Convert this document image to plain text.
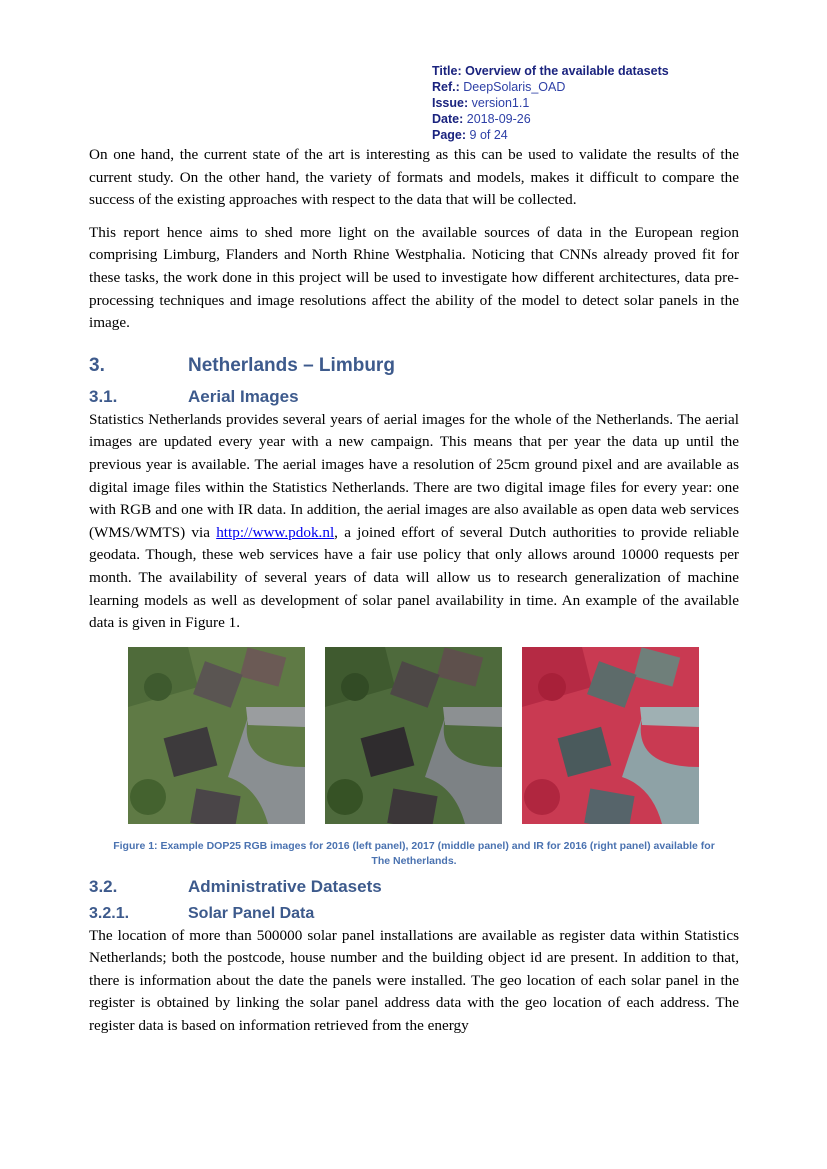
Title: Overview of the available datasets
Ref.: DeepSolaris_OAD
Issue: version1.1
Date: 2018-09-26
Page: 9 of 24

On one hand, the current state of the art is interesting as this can be used to validate the results of the current study. On the other hand, the variety of formats and models, makes it difficult to compare the success of the existing approaches with respect to the data that will be collected.

This report hence aims to shed more light on the available sources of data in the European region comprising Limburg, Flanders and North Rhine Westphalia. Noticing that CNNs already proved fit for these tasks, the work done in this project will be used to investigate how different architectures, data pre-processing techniques and image resolutions affect the ability of the model to detect solar panels in the image.

3.	Netherlands – Limburg
3.1.	Aerial Images

Statistics Netherlands provides several years of aerial images for the whole of the Netherlands. The aerial images are updated every year with a new campaign. This means that per year the data up until the previous year is available. The aerial images have a resolution of 25cm ground pixel and are available as digital image files within the Statistics Netherlands. There are two digital image files for every year: one with RGB and one with IR data. In addition, the aerial images are also available as open data web services (WMS/WMTS) via http://www.pdok.nl, a joined effort of several Dutch authorities to provide reliable geodata. Though, these web services have a fair use policy that only allows around 10000 requests per month. The availability of several years of data will allow us to research generalization of machine learning models as well as development of solar panel availability in time. An example of the available data is given in Figure 1.

Figure 1: Example DOP25 RGB images for 2016 (left panel), 2017 (middle panel) and IR for 2016 (right panel) available for
The Netherlands.
3.2.	Administrative Datasets
3.2.1.	Solar Panel Data

The location of more than 500000 solar panel installations are available as register data within Statistics Netherlands; both the postcode, house number and the building object id are present. In addition to that, there is information about the date the panels were installed. The geo location of each solar panel in the register is obtained by linking the solar panel address data with the geo location of each address. The register data is based on information retrieved from the energy
